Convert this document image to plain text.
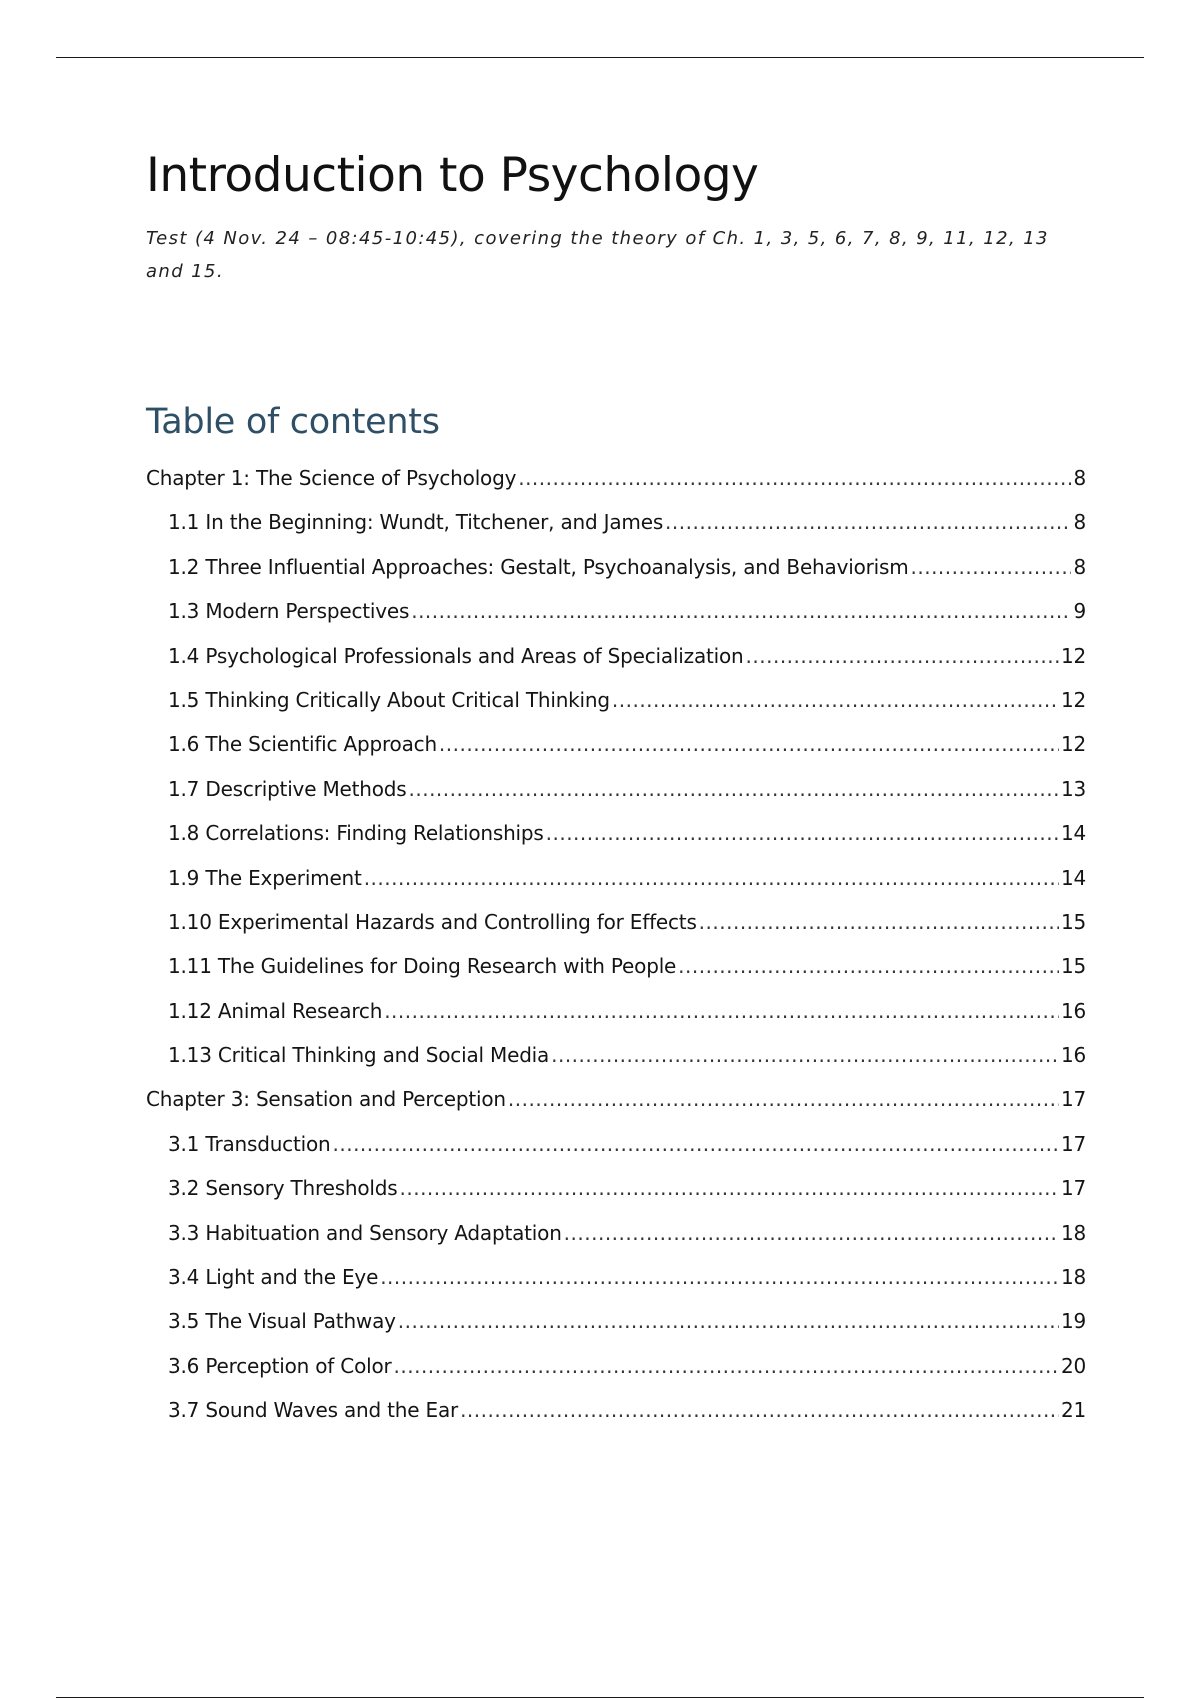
Introduction to Psychology

Test (4 Nov. 24 – 08:45-10:45), covering the theory of Ch. 1, 3, 5, 6, 7, 8, 9, 11, 12, 13 and 15.

Table of contents
Chapter 1: The Science of Psychology .....	8
1.1 In the Beginning: Wundt, Titchener, and James .....	8
1.2 Three Influential Approaches: Gestalt, Psychoanalysis, and Behaviorism .....	8
1.3 Modern Perspectives .....	9
1.4 Psychological Professionals and Areas of Specialization .....	12
1.5 Thinking Critically About Critical Thinking .....	12
1.6 The Scientific Approach .....	12
1.7 Descriptive Methods .....	13
1.8 Correlations: Finding Relationships .....	14
1.9 The Experiment .....	14
1.10 Experimental Hazards and Controlling for Effects .....	15
1.11 The Guidelines for Doing Research with People .....	15
1.12 Animal Research .....	16
1.13 Critical Thinking and Social Media .....	16
Chapter 3: Sensation and Perception .....	17
3.1 Transduction .....	17
3.2 Sensory Thresholds .....	17
3.3 Habituation and Sensory Adaptation .....	18
3.4 Light and the Eye .....	18
3.5 The Visual Pathway .....	19
3.6 Perception of Color .....	20
3.7 Sound Waves and the Ear .....	21
